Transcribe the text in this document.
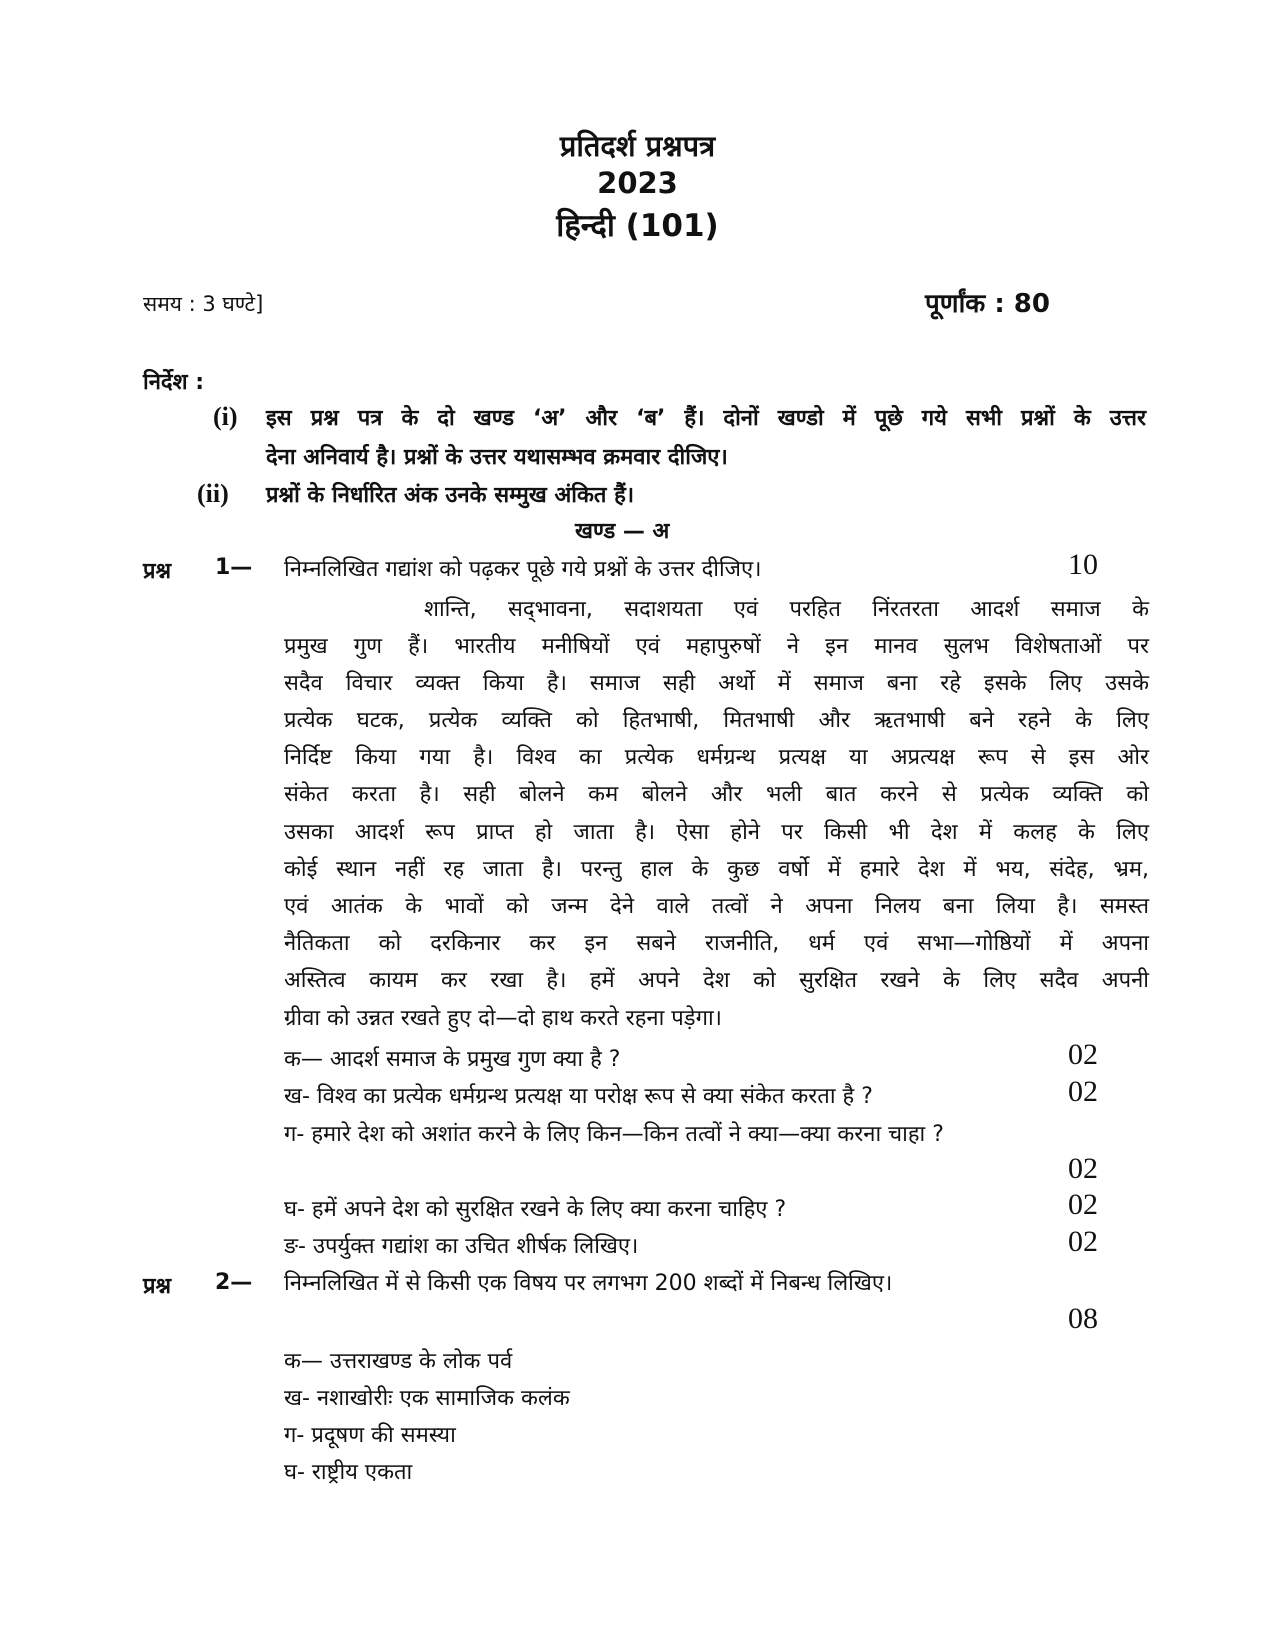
प्रतिदर्श प्रश्नपत्र
2023
हिन्दी (101)
समय : 3 घण्टे]	पूर्णांक : 80
निर्देश :
(i) इस प्रश्न पत्र के दो खण्ड ‘अ’ और ‘ब’ हैं। दोनों खण्डो में पूछे गये सभी प्रश्नों के उत्तर
देना अनिवार्य है। प्रश्नों के उत्तर यथासम्भव क्रमवार दीजिए।
(ii) प्रश्नों के निर्धारित अंक उनके सम्मुख अंकित हैं।
खण्ड — अ
प्रश्न 1— निम्नलिखित गद्यांश को पढ़कर पूछे गये प्रश्नों के उत्तर दीजिए।	10
शान्ति, सद्‌भावना, सदाशयता एवं परहित निंरतरता आदर्श समाज के
प्रमुख गुण हैं। भारतीय मनीषियों एवं महापुरुषों ने इन मानव सुलभ विशेषताओं पर
सदैव विचार व्यक्त किया है। समाज सही अर्थो में समाज बना रहे इसके लिए उसके
प्रत्येक घटक, प्रत्येक व्यक्ति को हितभाषी, मितभाषी और ऋतभाषी बने रहने के लिए
निर्दिष्ट किया गया है। विश्व का प्रत्येक धर्मग्रन्थ प्रत्यक्ष या अप्रत्यक्ष रूप से इस ओर
संकेत करता है। सही बोलने कम बोलने और भली बात करने से प्रत्येक व्यक्ति को
उसका आदर्श रूप प्राप्त हो जाता है। ऐसा होने पर किसी भी देश में कलह के लिए
कोई स्थान नहीं रह जाता है। परन्तु हाल के कुछ वर्षो में हमारे देश में भय, संदेह, भ्रम,
एवं आतंक के भावों को जन्म देने वाले तत्वों ने अपना निलय बना लिया है। समस्त
नैतिकता को दरकिनार कर इन सबने राजनीति, धर्म एवं सभा—गोष्ठियों में अपना
अस्तित्व कायम कर रखा है। हमें अपने देश को सुरक्षित रखने के लिए सदैव अपनी
ग्रीवा को उन्नत रखते हुए दो—दो हाथ करते रहना पड़ेगा।
क— आदर्श समाज के प्रमुख गुण क्या है ?	02
ख- विश्व का प्रत्येक धर्मग्रन्थ प्रत्यक्ष या परोक्ष रूप से क्या संकेत करता है ?	02
ग- हमारे देश को अशांत करने के लिए किन—किन तत्वों ने क्या—क्या करना चाहा ?
02
घ- हमें अपने देश को सुरक्षित रखने के लिए क्या करना चाहिए ?	02
ङ- उपर्युक्त गद्यांश का उचित शीर्षक लिखिए।	02
प्रश्न 2— निम्नलिखित में से किसी एक विषय पर लगभग 200 शब्दों में निबन्ध लिखिए।
08
क— उत्तराखण्ड के लोक पर्व
ख- नशाखोरीः एक सामाजिक कलंक
ग- प्रदूषण की समस्या
घ- राष्ट्रीय एकता
